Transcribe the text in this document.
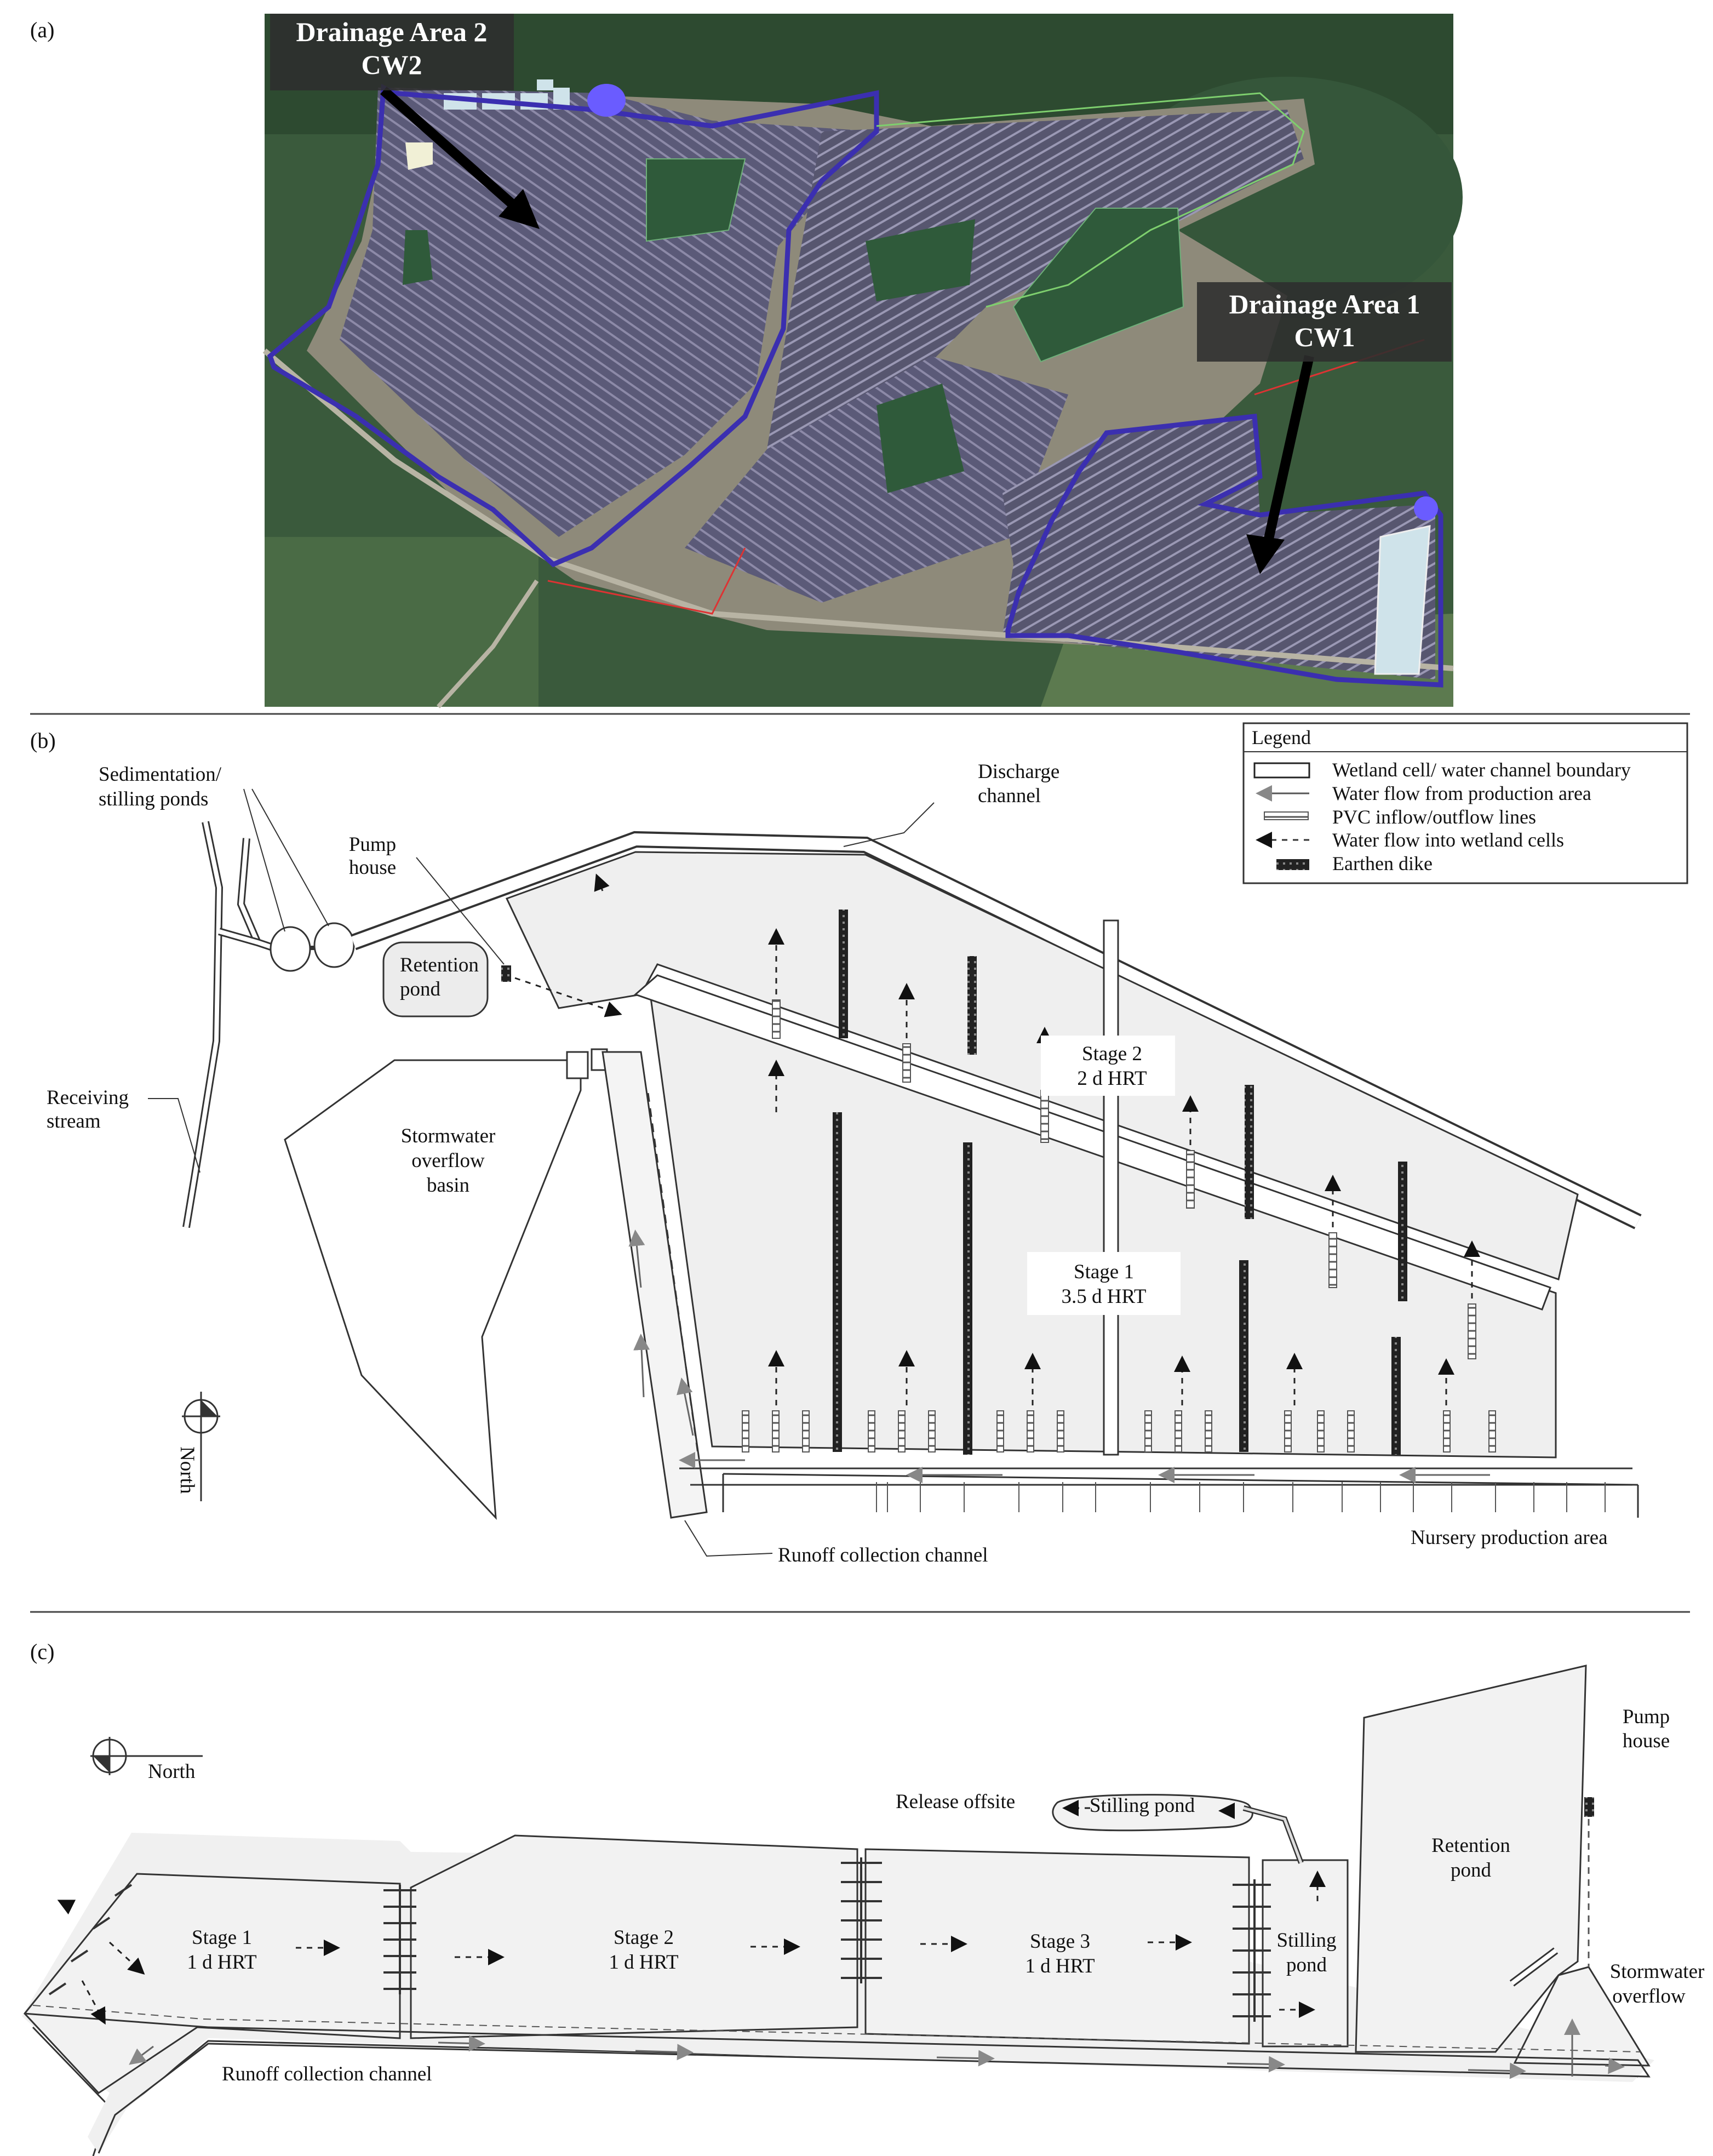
(a)	Drainage Area 2
CW2
Drainage Area 1
CW1
(b)	Legend
Wetland cell/ water channel boundary
Water flow from production area
PVC inflow/outflow lines
Water flow into wetland cells
Earthen dike
North
Sedimentation/
stilling ponds
Pump
house
Discharge
channel
Retention
pond
Receiving
stream
Stormwater
overflow
basin
Stage 2
2 d HRT
Stage 1
3.5 d HRT
Runoff collection channel
Nursery production area
(c)
North
Release offsite	Stilling pond
Pump
house
Retention
pond
Stage 1
1 d HRT
Stage 2
1 d HRT
Stage 3
1 d HRT
Stilling
pond	Stormwater
overflow
Runoff collection channel
